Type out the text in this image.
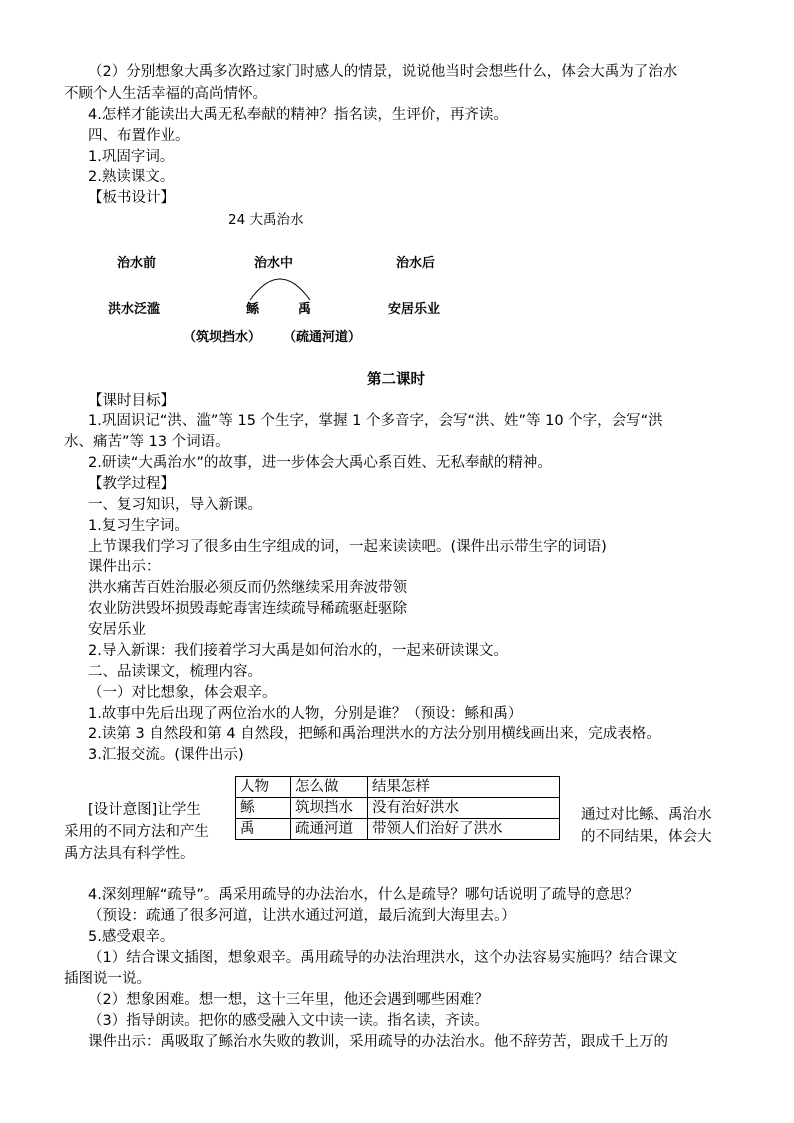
（2）分别想象大禹多次路过家门时感人的情景，说说他当时会想些什么，体会大禹为了治水
不顾个人生活幸福的高尚情怀。
4.怎样才能读出大禹无私奉献的精神？指名读，生评价，再齐读。
四、布置作业。
1.巩固字词。
2.熟读课文。
【板书设计】
24 大禹治水
治水前	治水中	治水后
洪水泛滥	鲧	禹	安居乐业
（筑坝挡水） （疏通河道）
第二课时
【课时目标】
1.巩固识记“洪、滥”等 15 个生字，掌握 1 个多音字，会写“洪、姓”等 10 个字，会写“洪
水、痛苦”等 13 个词语。
2.研读“大禹治水”的故事，进一步体会大禹心系百姓、无私奉献的精神。
【教学过程】
一、复习知识，导入新课。
1.复习生字词。
上节课我们学习了很多由生字组成的词，一起来读读吧。(课件出示带生字的词语)
课件出示：
洪水痛苦百姓治服必须反而仍然继续采用奔波带领
农业防洪毁坏损毁毒蛇毒害连续疏导稀疏驱赶驱除
安居乐业
2.导入新课：我们接着学习大禹是如何治水的，一起来研读课文。
二、品读课文，梳理内容。
（一）对比想象，体会艰辛。
1.故事中先后出现了两位治水的人物，分别是谁？（预设：鲧和禹）
2.读第 3 自然段和第 4 自然段，把鲧和禹治理洪水的方法分别用横线画出来，完成表格。
3.汇报交流。(课件出示)
人物	怎么做	结果怎样
鲧	筑坝挡水	没有治好洪水
禹	疏通河道	带领人们治好了洪水
[设计意图]让学生
采用的不同方法和产生
禹方法具有科学性。
通过对比鲧、禹治水
的不同结果，体会大
4.深刻理解“疏导”。禹采用疏导的办法治水，什么是疏导？哪句话说明了疏导的意思？
（预设：疏通了很多河道，让洪水通过河道，最后流到大海里去。）
5.感受艰辛。
（1）结合课文插图，想象艰辛。禹用疏导的办法治理洪水，这个办法容易实施吗？结合课文
插图说一说。
（2）想象困难。想一想，这十三年里，他还会遇到哪些困难？
（3）指导朗读。把你的感受融入文中读一读。指名读，齐读。
课件出示：禹吸取了鲧治水失败的教训，采用疏导的办法治水。他不辞劳苦，跟成千上万的
